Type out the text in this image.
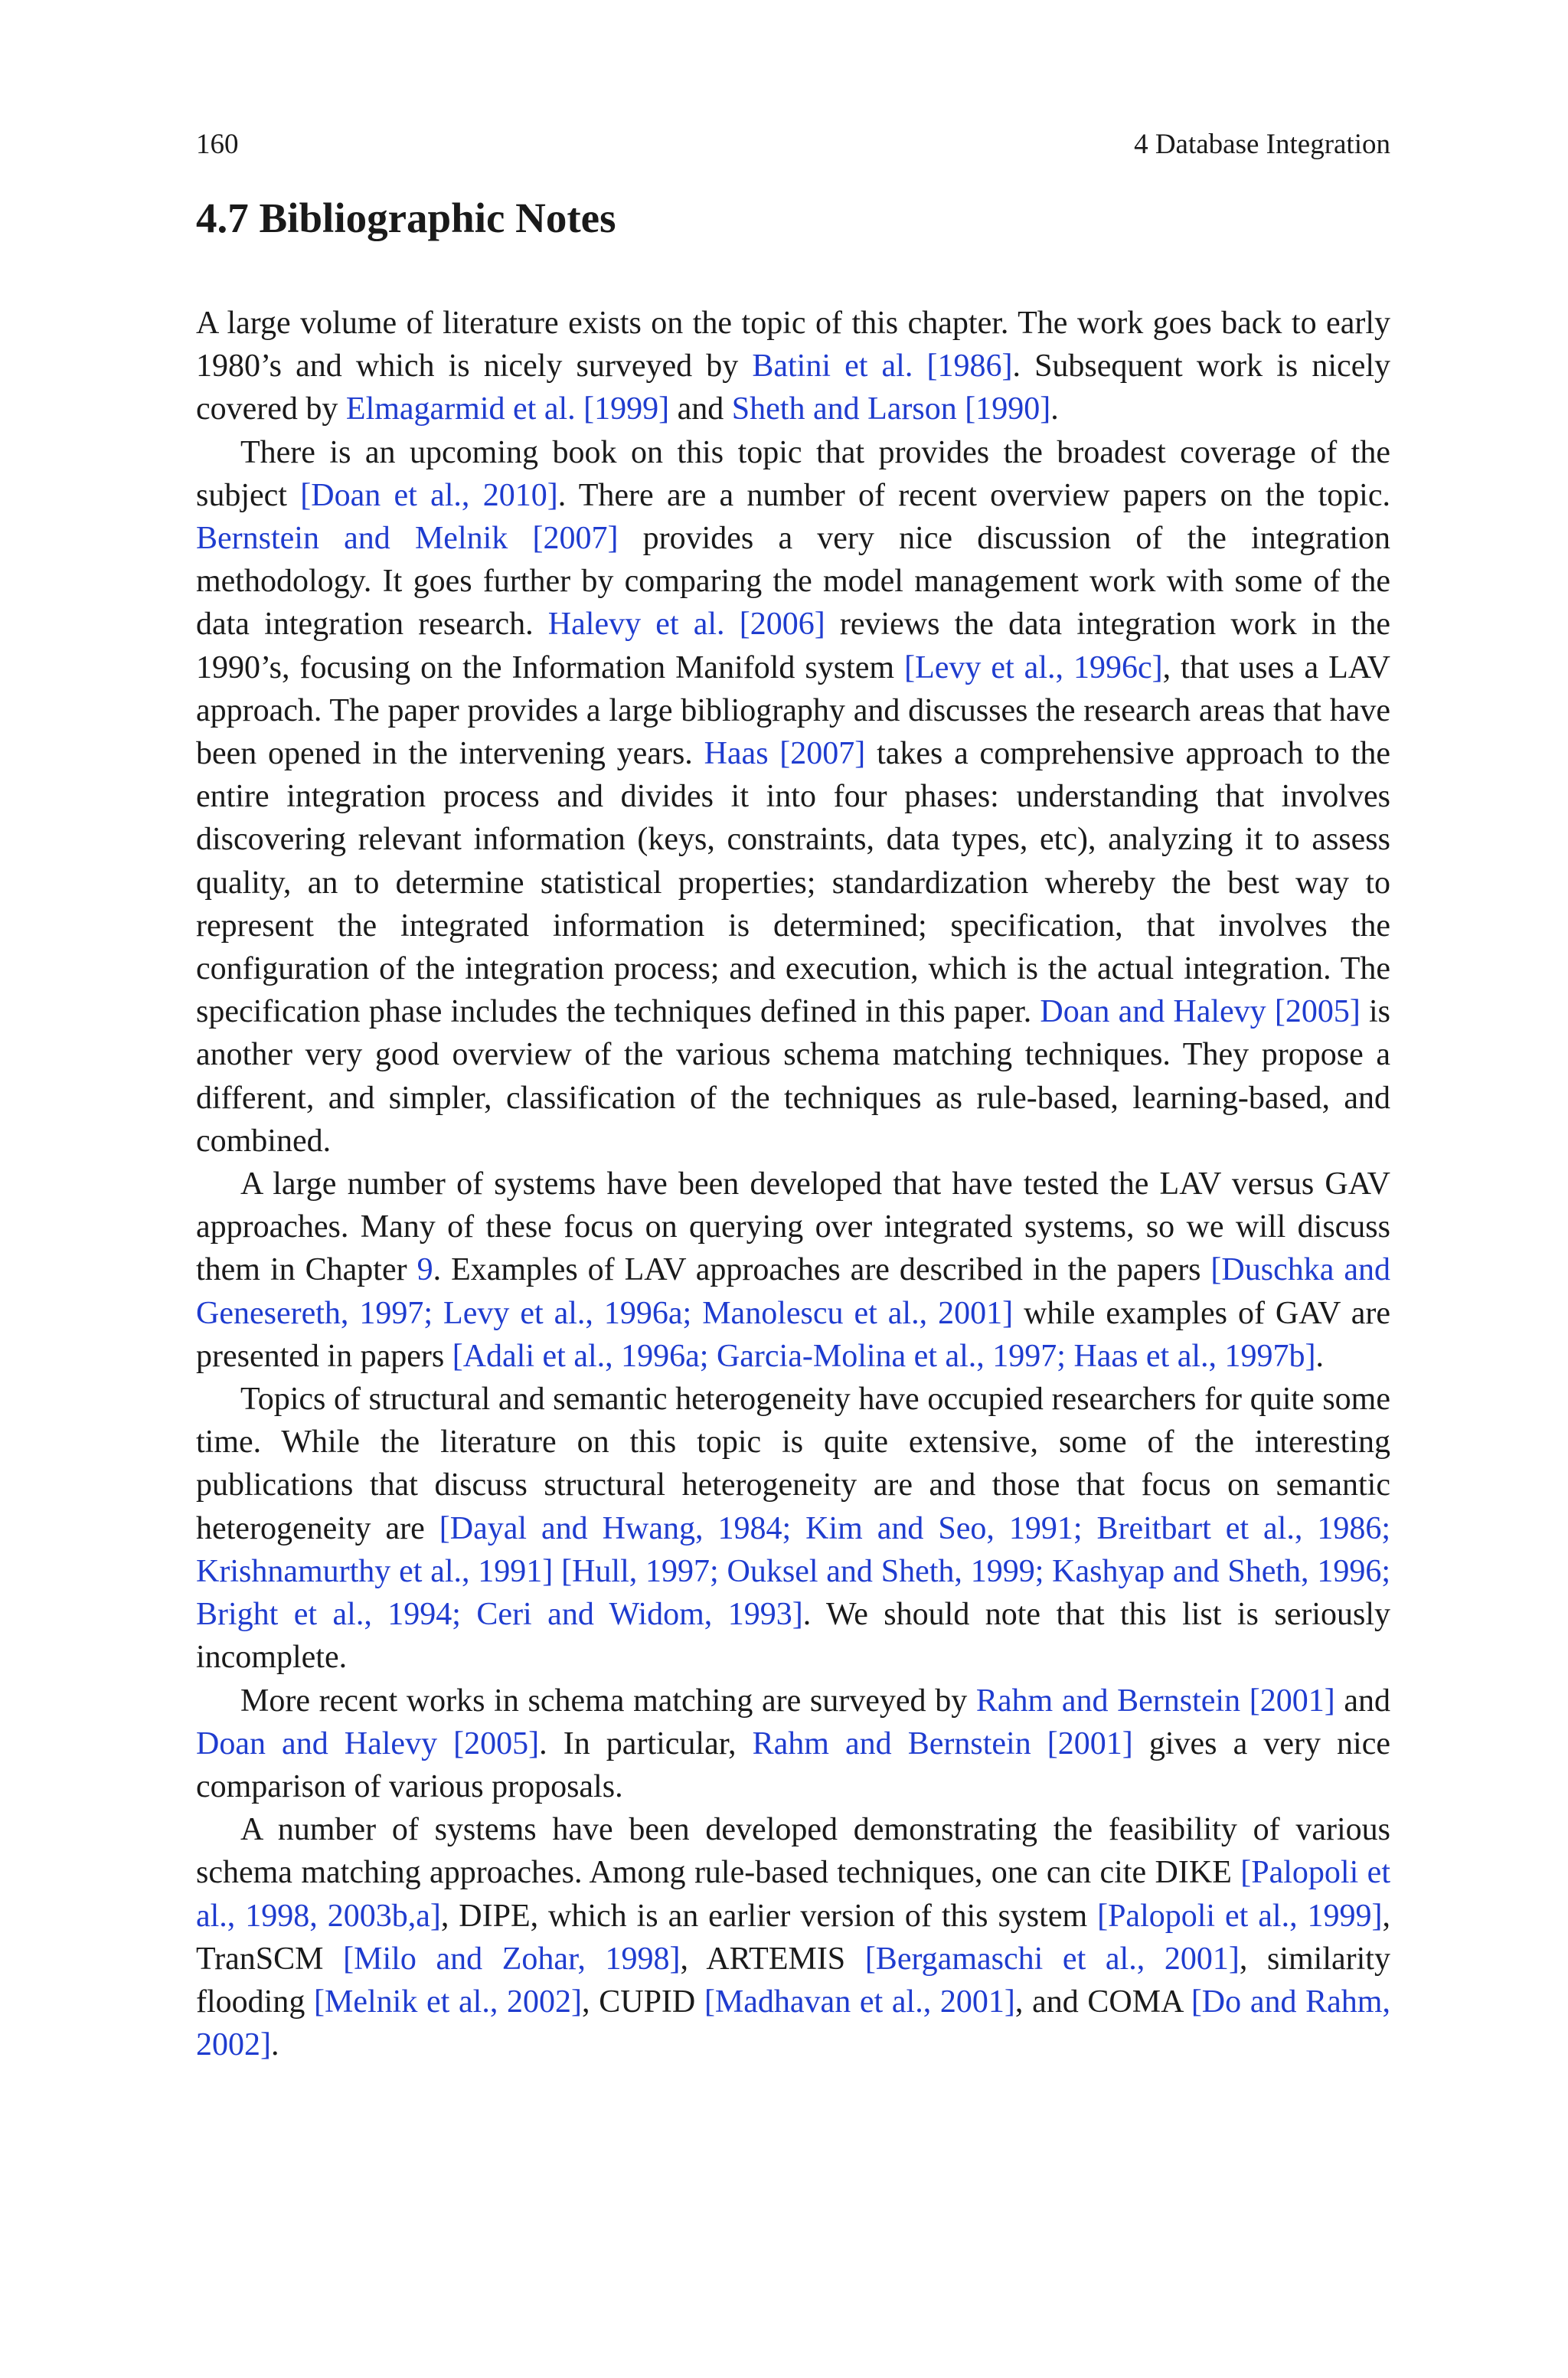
160	4 Database Integration
4.7 Bibliographic Notes

A large volume of literature exists on the topic of this chapter. The work goes back to early 1980’s and which is nicely surveyed by Batini et al. [1986]. Subsequent work is nicely covered by Elmagarmid et al. [1999] and Sheth and Larson [1990].

There is an upcoming book on this topic that provides the broadest coverage of the subject [Doan et al., 2010]. There are a number of recent overview papers on the topic. Bernstein and Melnik [2007] provides a very nice discussion of the integration methodology. It goes further by comparing the model management work with some of the data integration research. Halevy et al. [2006] reviews the data integration work in the 1990’s, focusing on the Information Manifold system [Levy et al., 1996c], that uses a LAV approach. The paper provides a large bibliography and discusses the research areas that have been opened in the intervening years. Haas [2007] takes a comprehensive approach to the entire integration process and divides it into four phases: understanding that involves discovering relevant information (keys, constraints, data types, etc), analyzing it to assess quality, an to determine statistical properties; standardization whereby the best way to represent the integrated information is determined; specification, that involves the configuration of the integration process; and execution, which is the actual integration. The specification phase includes the techniques defined in this paper. Doan and Halevy [2005] is another very good overview of the various schema matching techniques. They propose a different, and simpler, classification of the techniques as rule-based, learning-based, and combined.

A large number of systems have been developed that have tested the LAV versus GAV approaches. Many of these focus on querying over integrated systems, so we will discuss them in Chapter 9. Examples of LAV approaches are described in the papers [Duschka and Genesereth, 1997; Levy et al., 1996a; Manolescu et al., 2001] while examples of GAV are presented in papers [Adali et al., 1996a; Garcia-Molina et al., 1997; Haas et al., 1997b].

Topics of structural and semantic heterogeneity have occupied researchers for quite some time. While the literature on this topic is quite extensive, some of the interesting publications that discuss structural heterogeneity are and those that focus on semantic heterogeneity are [Dayal and Hwang, 1984; Kim and Seo, 1991; Breitbart et al., 1986; Krishnamurthy et al., 1991] [Hull, 1997; Ouksel and Sheth, 1999; Kashyap and Sheth, 1996; Bright et al., 1994; Ceri and Widom, 1993]. We should note that this list is seriously incomplete.

More recent works in schema matching are surveyed by Rahm and Bernstein [2001] and Doan and Halevy [2005]. In particular, Rahm and Bernstein [2001] gives a very nice comparison of various proposals.

A number of systems have been developed demonstrating the feasibility of various schema matching approaches. Among rule-based techniques, one can cite DIKE [Palopoli et al., 1998, 2003b,a], DIPE, which is an earlier version of this system [Palopoli et al., 1999], TranSCM [Milo and Zohar, 1998], ARTEMIS [Bergamaschi et al., 2001], similarity flooding [Melnik et al., 2002], CUPID [Madhavan et al., 2001], and COMA [Do and Rahm, 2002].
